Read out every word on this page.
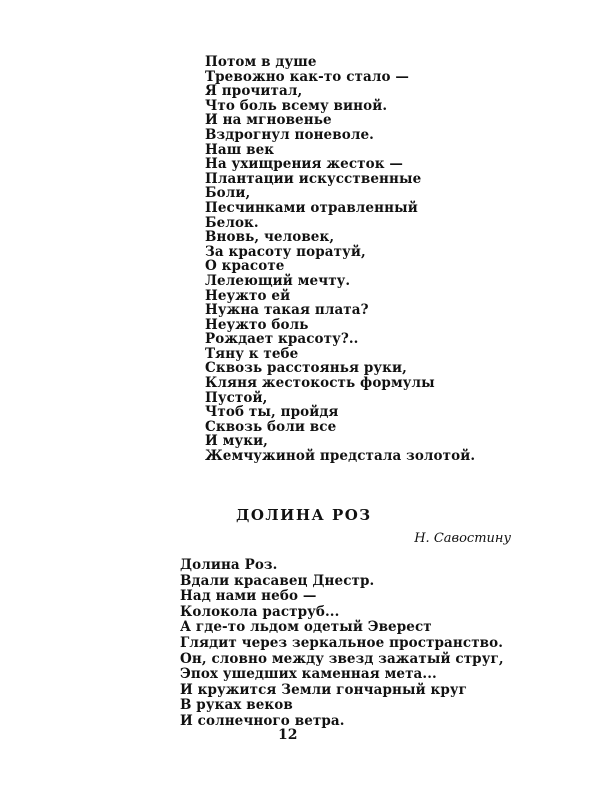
Потом в душе
Тревожно как-то стало —
Я прочитал,
Что боль всему виной.
И на мгновенье
Вздрогнул поневоле.
Наш век
На ухищрения жесток —
Плантации искусственные
Боли,
Песчинками отравленный
Белок.
Вновь, человек,
За красоту поратуй,
О красоте
Лелеющий мечту.
Неужто ей
Нужна такая плата?
Неужто боль
Рождает красоту?..
Тяну к тебе
Сквозь расстоянья руки,
Кляня жестокость формулы
Пустой,
Чтоб ты, пройдя
Сквозь боли все
И муки,
Жемчужиной предстала золотой.
ДОЛИНА РОЗ
Н. Савостину
Долина Роз.
Вдали красавец Днестр.
Над нами небо —
Колокола раструб...
А где-то льдом одетый Эверест
Глядит через зеркальное пространство.
Он, словно между звезд зажатый струг,
Эпох ушедших каменная мета...
И кружится Земли гончарный круг
В руках веков
И солнечного ветра.
12
